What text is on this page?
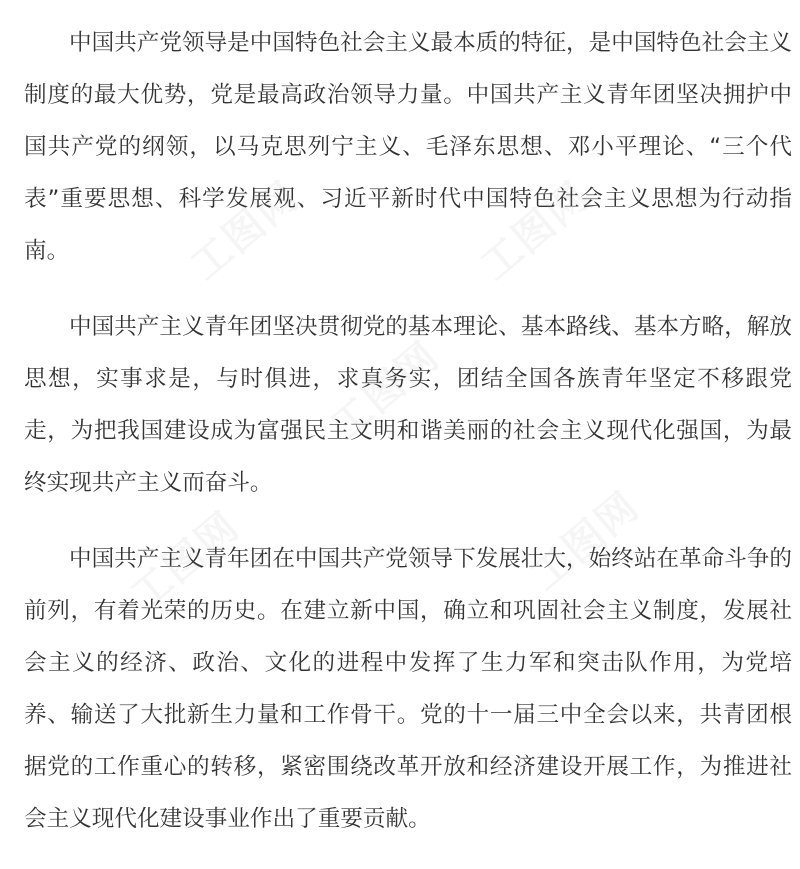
中国共产党领导是中国特色社会主义最本质的特征，是中国特色社会主义制度的最大优势，党是最高政治领导力量。中国共产主义青年团坚决拥护中国共产党的纲领，以马克思列宁主义、毛泽东思想、邓小平理论、“三个代表”重要思想、科学发展观、习近平新时代中国特色社会主义思想为行动指南。

中国共产主义青年团坚决贯彻党的基本理论、基本路线、基本方略，解放思想，实事求是，与时俱进，求真务实，团结全国各族青年坚定不移跟党走，为把我国建设成为富强民主文明和谐美丽的社会主义现代化强国，为最终实现共产主义而奋斗。

中国共产主义青年团在中国共产党领导下发展壮大，始终站在革命斗争的前列，有着光荣的历史。在建立新中国，确立和巩固社会主义制度，发展社会主义的经济、政治、文化的进程中发挥了生力军和突击队作用，为党培养、输送了大批新生力量和工作骨干。党的十一届三中全会以来，共青团根据党的工作重心的转移，紧密围绕改革开放和经济建设开展工作，为推进社会主义现代化建设事业作出了重要贡献。

工图网	工图网
工图网
工图网	工图网
